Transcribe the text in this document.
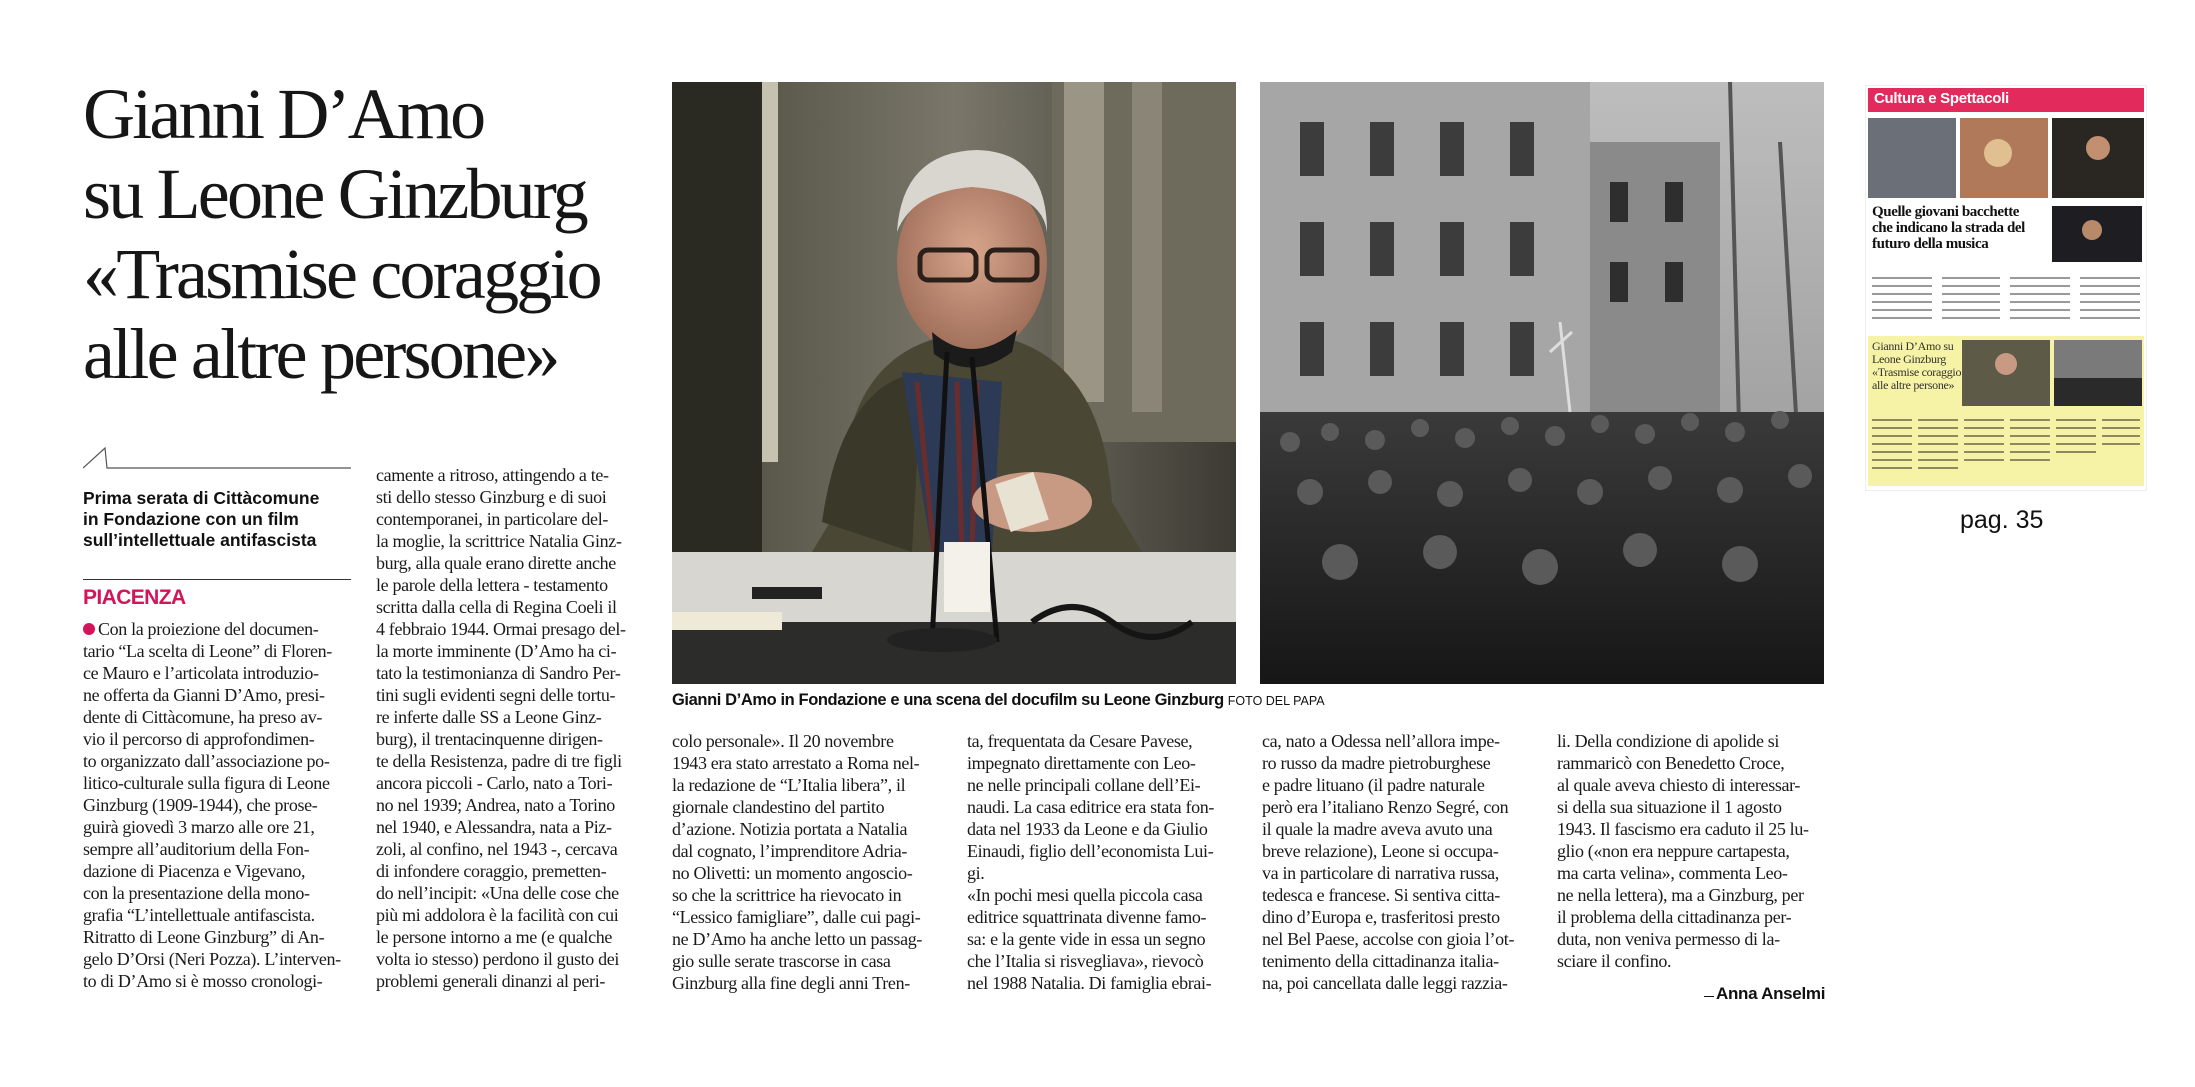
Gianni D’Amo
su Leone Ginzburg
«Trasmise coraggio
alle altre persone»

Prima serata di Cittàcomune
in Fondazione con un film
sull’intellettuale antifascista

PIACENZA

Con la proiezione del documen-
tario “La scelta di Leone” di Floren-
ce Mauro e l’articolata introduzio-
ne offerta da Gianni D’Amo, presi-
dente di Cittàcomune, ha preso av-
vio il percorso di approfondimen-
to organizzato dall’associazione po-
litico-culturale sulla figura di Leone
Ginzburg (1909-1944), che prose-
guirà giovedì 3 marzo alle ore 21,
sempre all’auditorium della Fon-
dazione di Piacenza e Vigevano,
con la presentazione della mono-
grafia “L’intellettuale antifascista.
Ritratto di Leone Ginzburg” di An-
gelo D’Orsi (Neri Pozza). L’interven-
to di D’Amo si è mosso cronologi-
camente a ritroso, attingendo a te-
sti dello stesso Ginzburg e di suoi
contemporanei, in particolare del-
la moglie, la scrittrice Natalia Ginz-
burg, alla quale erano dirette anche
le parole della lettera - testamento
scritta dalla cella di Regina Coeli il
4 febbraio 1944. Ormai presago del-
la morte imminente (D’Amo ha ci-
tato la testimonianza di Sandro Per-
tini sugli evidenti segni delle tortu-
re inferte dalle SS a Leone Ginz-
burg), il trentacinquenne dirigen-
te della Resistenza, padre di tre figli
ancora piccoli - Carlo, nato a Tori-
no nel 1939; Andrea, nato a Torino
nel 1940, e Alessandra, nata a Piz-
zoli, al confino, nel 1943 -, cercava
di infondere coraggio, premetten-
do nell’incipit: «Una delle cose che
più mi addolora è la facilità con cui
le persone intorno a me (e qualche
volta io stesso) perdono il gusto dei
problemi generali dinanzi al peri-
colo personale». Il 20 novembre
1943 era stato arrestato a Roma nel-
la redazione de “L’Italia libera”, il
giornale clandestino del partito
d’azione. Notizia portata a Natalia
dal cognato, l’imprenditore Adria-
no Olivetti: un momento angoscio-
so che la scrittrice ha rievocato in
“Lessico famigliare”, dalle cui pagi-
ne D’Amo ha anche letto un passag-
gio sulle serate trascorse in casa
Ginzburg alla fine degli anni Tren-
ta, frequentata da Cesare Pavese,
impegnato direttamente con Leo-
ne nelle principali collane dell’Ei-
naudi. La casa editrice era stata fon-
data nel 1933 da Leone e da Giulio
Einaudi, figlio dell’economista Lui-
gi.
«In pochi mesi quella piccola casa
editrice squattrinata divenne famo-
sa: e la gente vide in essa un segno
che l’Italia si risvegliava», rievocò
nel 1988 Natalia. Di famiglia ebrai-
ca, nato a Odessa nell’allora impe-
ro russo da madre pietroburghese
e padre lituano (il padre naturale
però era l’italiano Renzo Segré, con
il quale la madre aveva avuto una
breve relazione), Leone si occupa-
va in particolare di narrativa russa,
tedesca e francese. Si sentiva citta-
dino d’Europa e, trasferitosi presto
nel Bel Paese, accolse con gioia l’ot-
tenimento della cittadinanza italia-
na, poi cancellata dalle leggi razzia-
li. Della condizione di apolide si
rammaricò con Benedetto Croce,
al quale aveva chiesto di interessar-
si della sua situazione il 1 agosto
1943. Il fascismo era caduto il 25 lu-
glio («non era neppure cartapesta,
ma carta velina», commenta Leo-
ne nella lettera), ma a Ginzburg, per
il problema della cittadinanza per-
duta, non veniva permesso di la-
sciare il confino.

Gianni D’Amo in Fondazione e una scena del docufilm su Leone Ginzburg FOTO DEL PAPA

Anna Anselmi

Cultura e Spettacoli

Quelle giovani bacchette che indicano la strada del futuro della musica

Gianni D’Amo su Leone Ginzburg «Trasmise coraggio alle altre persone»

pag. 35
